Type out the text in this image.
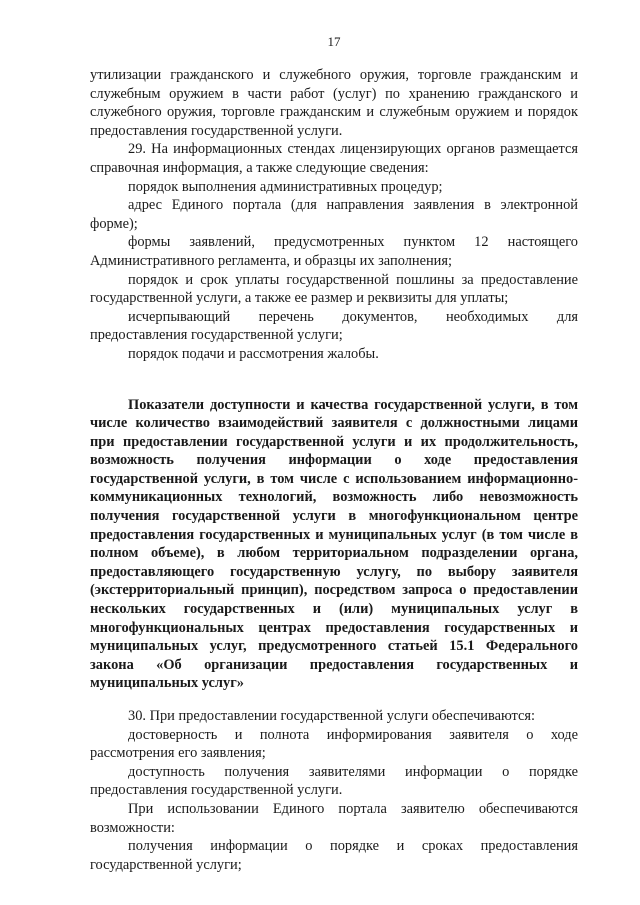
17

утилизации гражданского и служебного оружия, торговле гражданским и служебным оружием в части работ (услуг) по хранению гражданского и служебного оружия, торговле гражданским и служебным оружием и порядок предоставления государственной услуги.

29. На информационных стендах лицензирующих органов размещается справочная информация, а также следующие сведения:

порядок выполнения административных процедур;

адрес Единого портала (для направления заявления в электронной форме);

формы заявлений, предусмотренных пунктом 12 настоящего Административного регламента, и образцы их заполнения;

порядок и срок уплаты государственной пошлины за предоставление государственной услуги, а также ее размер и реквизиты для уплаты;

исчерпывающий перечень документов, необходимых для предоставления государственной услуги;

порядок подачи и рассмотрения жалобы.

Показатели доступности и качества государственной услуги, в том числе количество взаимодействий заявителя с должностными лицами при предоставлении государственной услуги и их продолжительность, возможность получения информации о ходе предоставления государственной услуги, в том числе с использованием информационно-коммуникационных технологий, возможность либо невозможность получения государственной услуги в многофункциональном центре предоставления государственных и муниципальных услуг (в том числе в полном объеме), в любом территориальном подразделении органа, предоставляющего государственную услугу, по выбору заявителя (экстерриториальный принцип), посредством запроса о предоставлении нескольких государственных и (или) муниципальных услуг в многофункциональных центрах предоставления государственных и муниципальных услуг, предусмотренного статьей 15.1 Федерального закона «Об организации предоставления государственных и муниципальных услуг»

30. При предоставлении государственной услуги обеспечиваются:

достоверность и полнота информирования заявителя о ходе рассмотрения его заявления;

доступность получения заявителями информации о порядке предоставления государственной услуги.

При использовании Единого портала заявителю обеспечиваются возможности:

получения информации о порядке и сроках предоставления государственной услуги;
